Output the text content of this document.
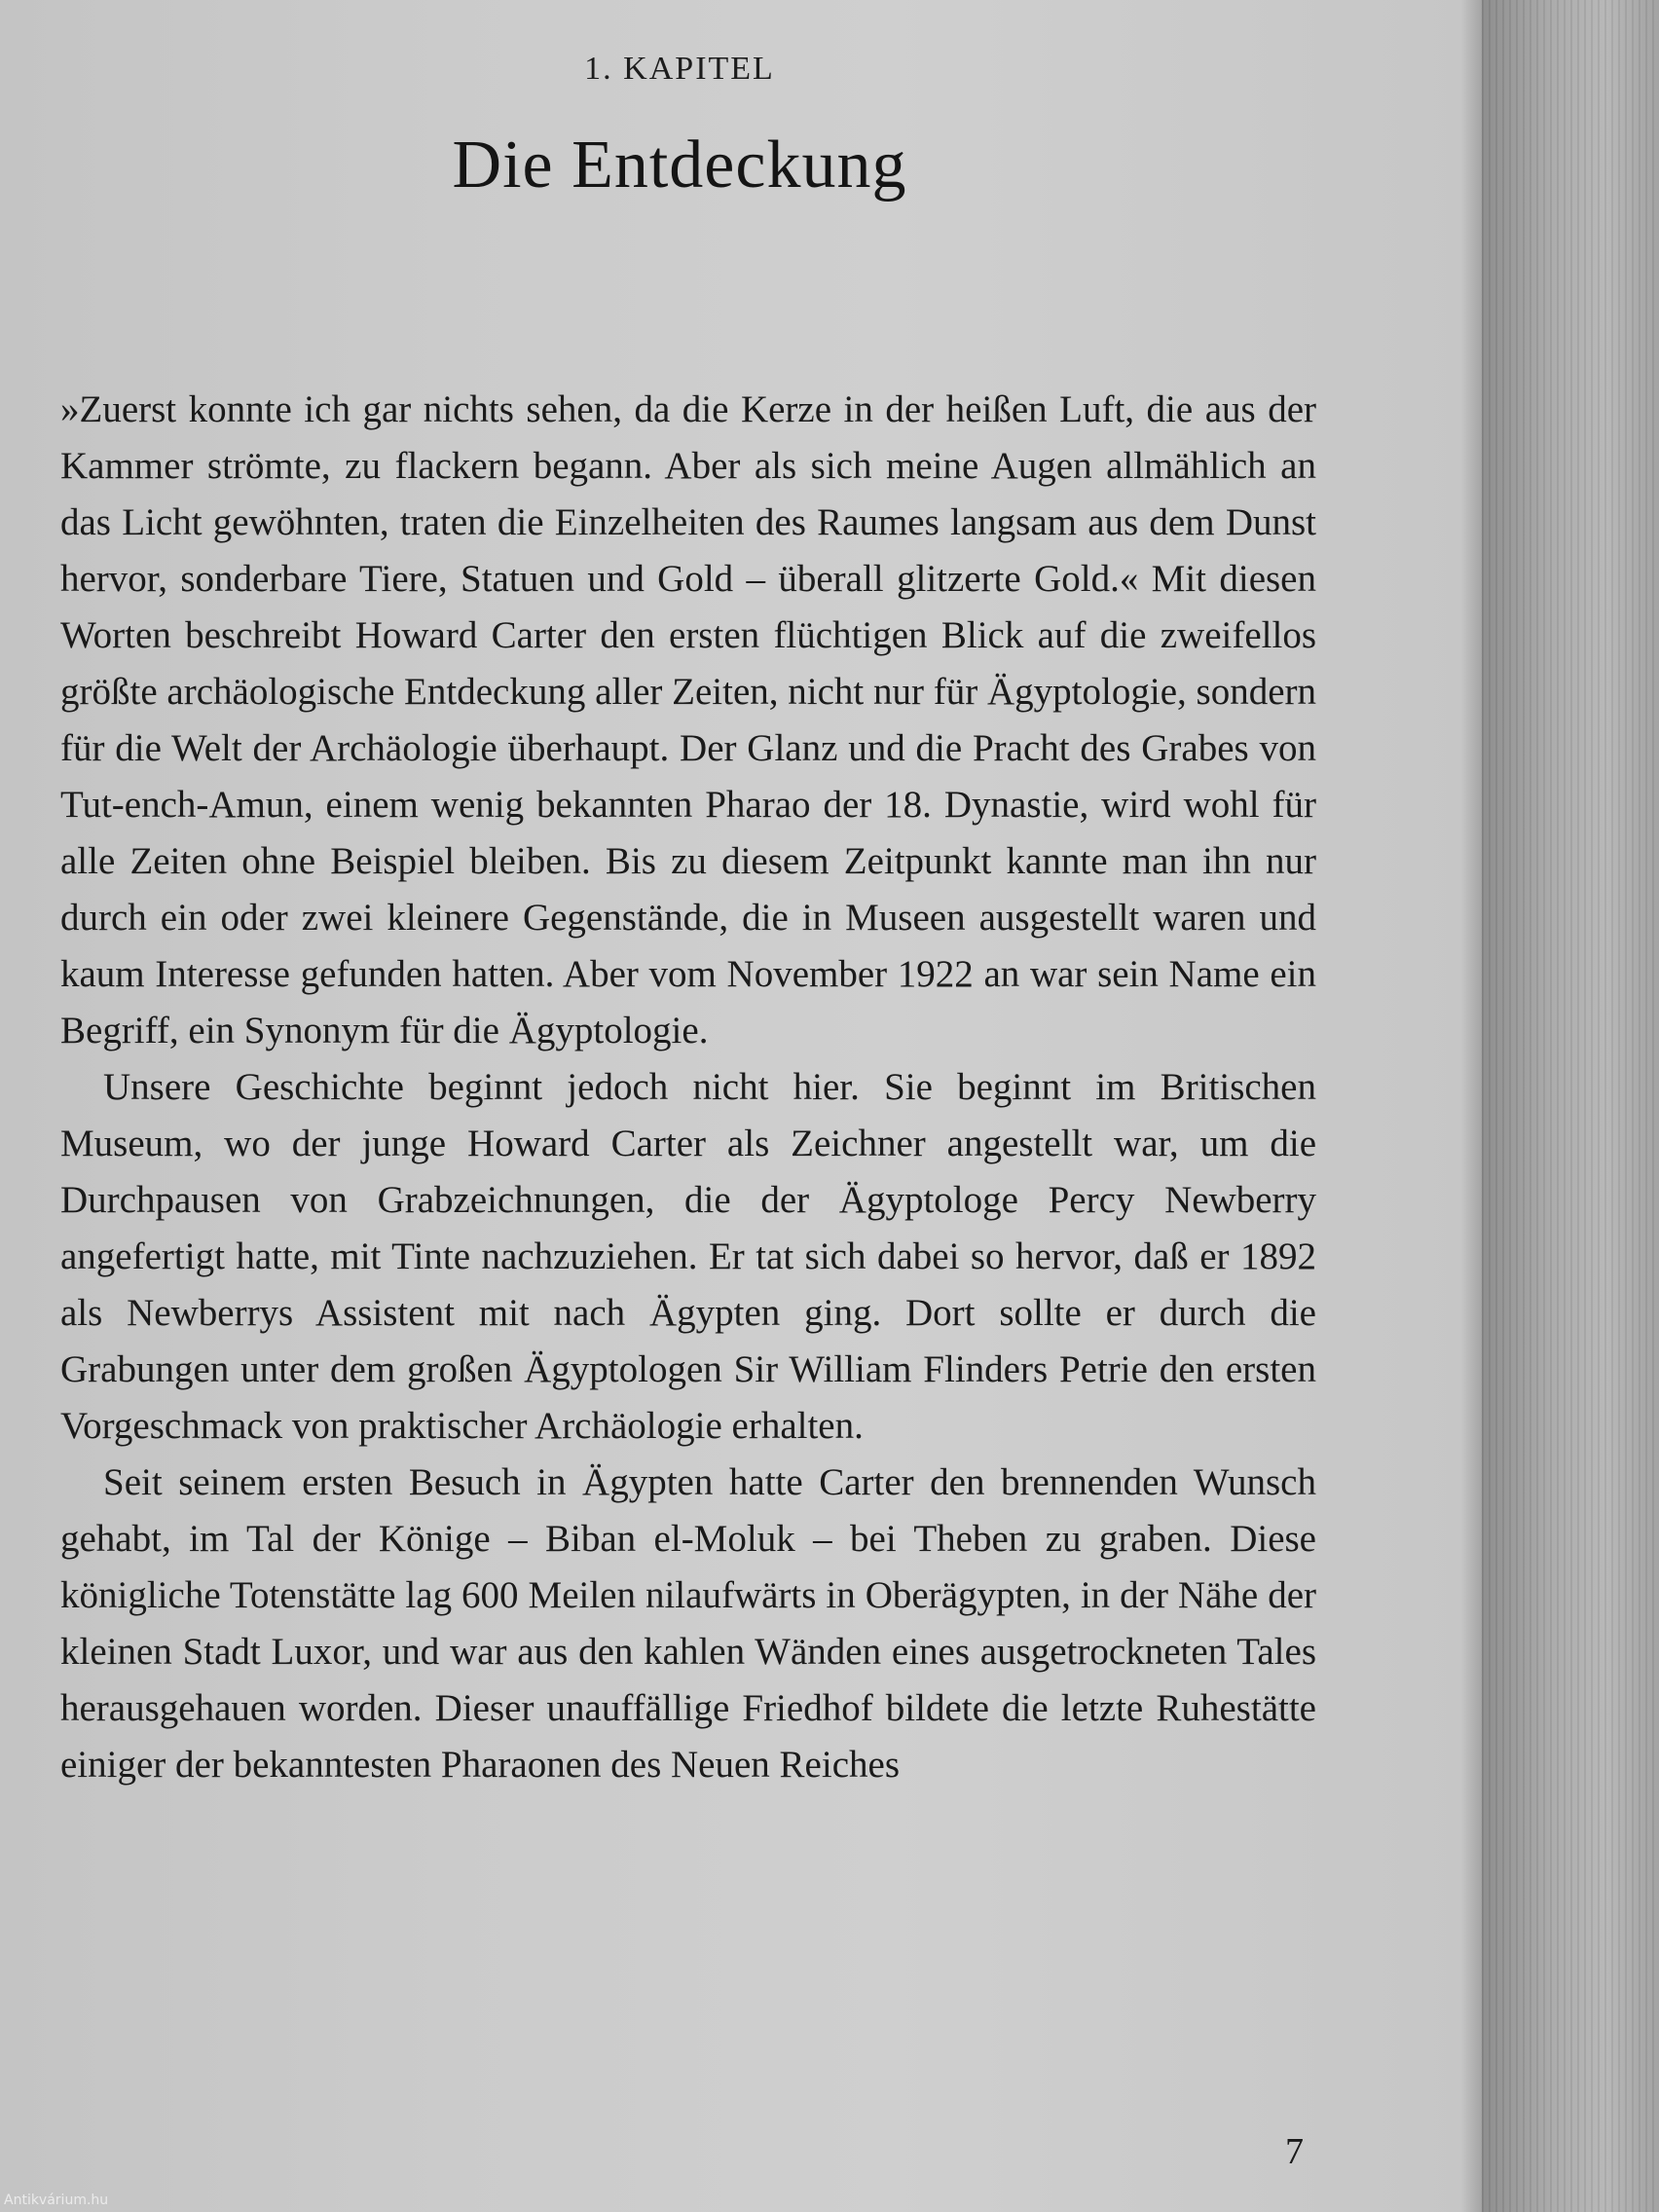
1. KAPITEL
Die Entdeckung

»Zuerst konnte ich gar nichts sehen, da die Kerze in der heißen Luft, die aus der Kammer strömte, zu flackern begann. Aber als sich meine Augen allmählich an das Licht gewöhnten, traten die Einzelheiten des Raumes langsam aus dem Dunst hervor, sonderbare Tiere, Statuen und Gold – überall glitzerte Gold.« Mit diesen Worten beschreibt Howard Carter den ersten flüchtigen Blick auf die zweifellos größte archäologische Entdeckung aller Zeiten, nicht nur für Ägyptologie, sondern für die Welt der Archäologie überhaupt. Der Glanz und die Pracht des Grabes von Tut-ench-Amun, einem wenig bekannten Pharao der 18. Dynastie, wird wohl für alle Zeiten ohne Beispiel bleiben. Bis zu diesem Zeitpunkt kannte man ihn nur durch ein oder zwei kleinere Gegenstände, die in Museen ausgestellt waren und kaum Interesse gefunden hatten. Aber vom November 1922 an war sein Name ein Begriff, ein Synonym für die Ägyptologie.

Unsere Geschichte beginnt jedoch nicht hier. Sie beginnt im Britischen Museum, wo der junge Howard Carter als Zeichner angestellt war, um die Durchpausen von Grabzeichnungen, die der Ägyptologe Percy Newberry angefertigt hatte, mit Tinte nachzuziehen. Er tat sich dabei so hervor, daß er 1892 als Newberrys Assistent mit nach Ägypten ging. Dort sollte er durch die Grabungen unter dem großen Ägyptologen Sir William Flinders Petrie den ersten Vorgeschmack von praktischer Archäologie erhalten.

Seit seinem ersten Besuch in Ägypten hatte Carter den brennenden Wunsch gehabt, im Tal der Könige – Biban el-Moluk – bei Theben zu graben. Diese königliche Totenstätte lag 600 Meilen nilaufwärts in Oberägypten, in der Nähe der kleinen Stadt Luxor, und war aus den kahlen Wänden eines ausgetrockneten Tales herausgehauen worden. Dieser unauffällige Friedhof bildete die letzte Ruhestätte einiger der bekanntesten Pharaonen des Neuen Reiches

7
Antikvárium.hu
